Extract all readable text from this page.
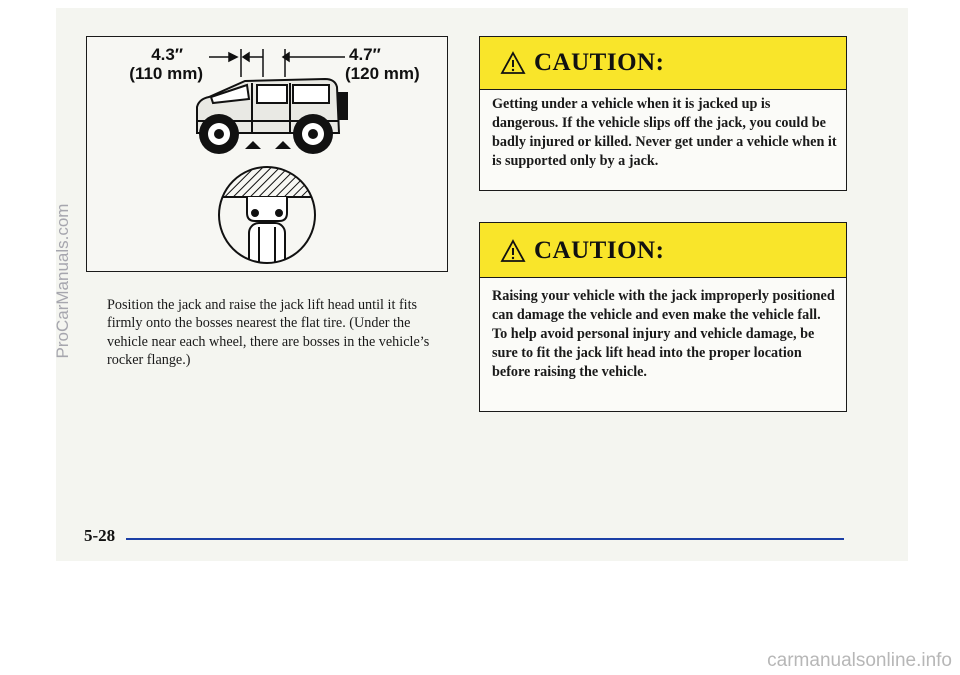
ProCarManuals.com
4.3″
(110 mm)
4.7″
(120 mm)
Position the jack and raise the jack lift head until it fits firmly onto the bosses nearest the flat tire. (Under the vehicle near each wheel, there are bosses in the vehicle’s rocker flange.)
CAUTION:
Getting under a vehicle when it is jacked up is dangerous. If the vehicle slips off the jack, you could be badly injured or killed. Never get under a vehicle when it is supported only by a jack.
CAUTION:
Raising your vehicle with the jack improperly positioned can damage the vehicle and even make the vehicle fall. To help avoid personal injury and vehicle damage, be sure to fit the jack lift head into the proper location before raising the vehicle.
5-28
carmanualsonline.info
